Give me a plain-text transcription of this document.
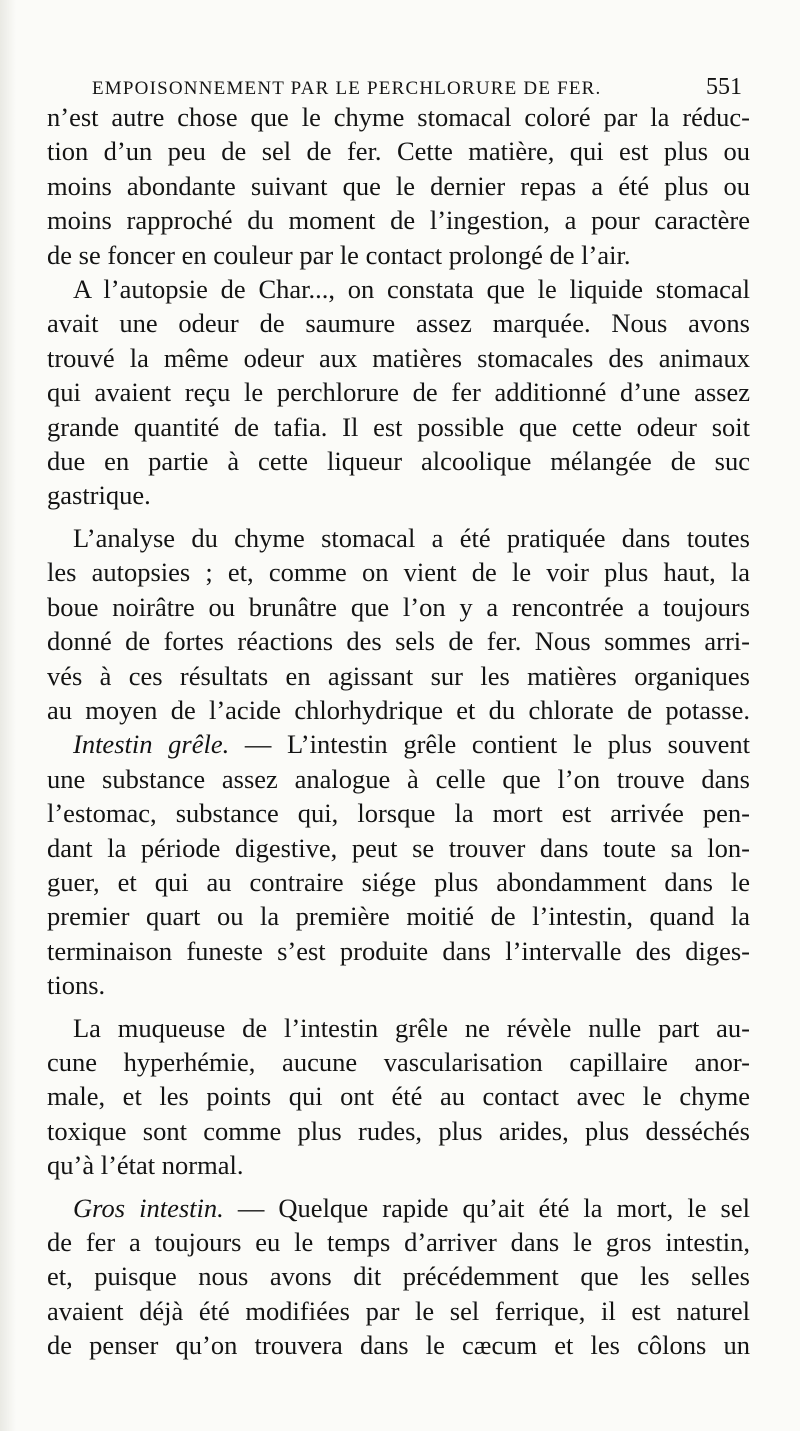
EMPOISONNEMENT PAR LE PERCHLORURE DE FER.	551

n’est autre chose que le chyme stomacal coloré par la réduc-
tion d’un peu de sel de fer. Cette matière, qui est plus ou
moins abondante suivant que le dernier repas a été plus ou
moins rapproché du moment de l’ingestion, a pour caractère
de se foncer en couleur par le contact prolongé de l’air.

A l’autopsie de Char..., on constata que le liquide stomacal
avait une odeur de saumure assez marquée. Nous avons
trouvé la même odeur aux matières stomacales des animaux
qui avaient reçu le perchlorure de fer additionné d’une assez
grande quantité de tafia. Il est possible que cette odeur soit
due en partie à cette liqueur alcoolique mélangée de suc
gastrique.

L’analyse du chyme stomacal a été pratiquée dans toutes
les autopsies ; et, comme on vient de le voir plus haut, la
boue noirâtre ou brunâtre que l’on y a rencontrée a toujours
donné de fortes réactions des sels de fer. Nous sommes arri-
vés à ces résultats en agissant sur les matières organiques
au moyen de l’acide chlorhydrique et du chlorate de potasse.

Intestin grêle. — L’intestin grêle contient le plus souvent
une substance assez analogue à celle que l’on trouve dans
l’estomac, substance qui, lorsque la mort est arrivée pen-
dant la période digestive, peut se trouver dans toute sa lon-
guer, et qui au contraire siége plus abondamment dans le
premier quart ou la première moitié de l’intestin, quand la
terminaison funeste s’est produite dans l’intervalle des diges-
tions.

La muqueuse de l’intestin grêle ne révèle nulle part au-
cune hyperhémie, aucune vascularisation capillaire anor-
male, et les points qui ont été au contact avec le chyme
toxique sont comme plus rudes, plus arides, plus desséchés
qu’à l’état normal.

Gros intestin. — Quelque rapide qu’ait été la mort, le sel
de fer a toujours eu le temps d’arriver dans le gros intestin,
et, puisque nous avons dit précédemment que les selles
avaient déjà été modifiées par le sel ferrique, il est naturel
de penser qu’on trouvera dans le cæcum et les côlons un
